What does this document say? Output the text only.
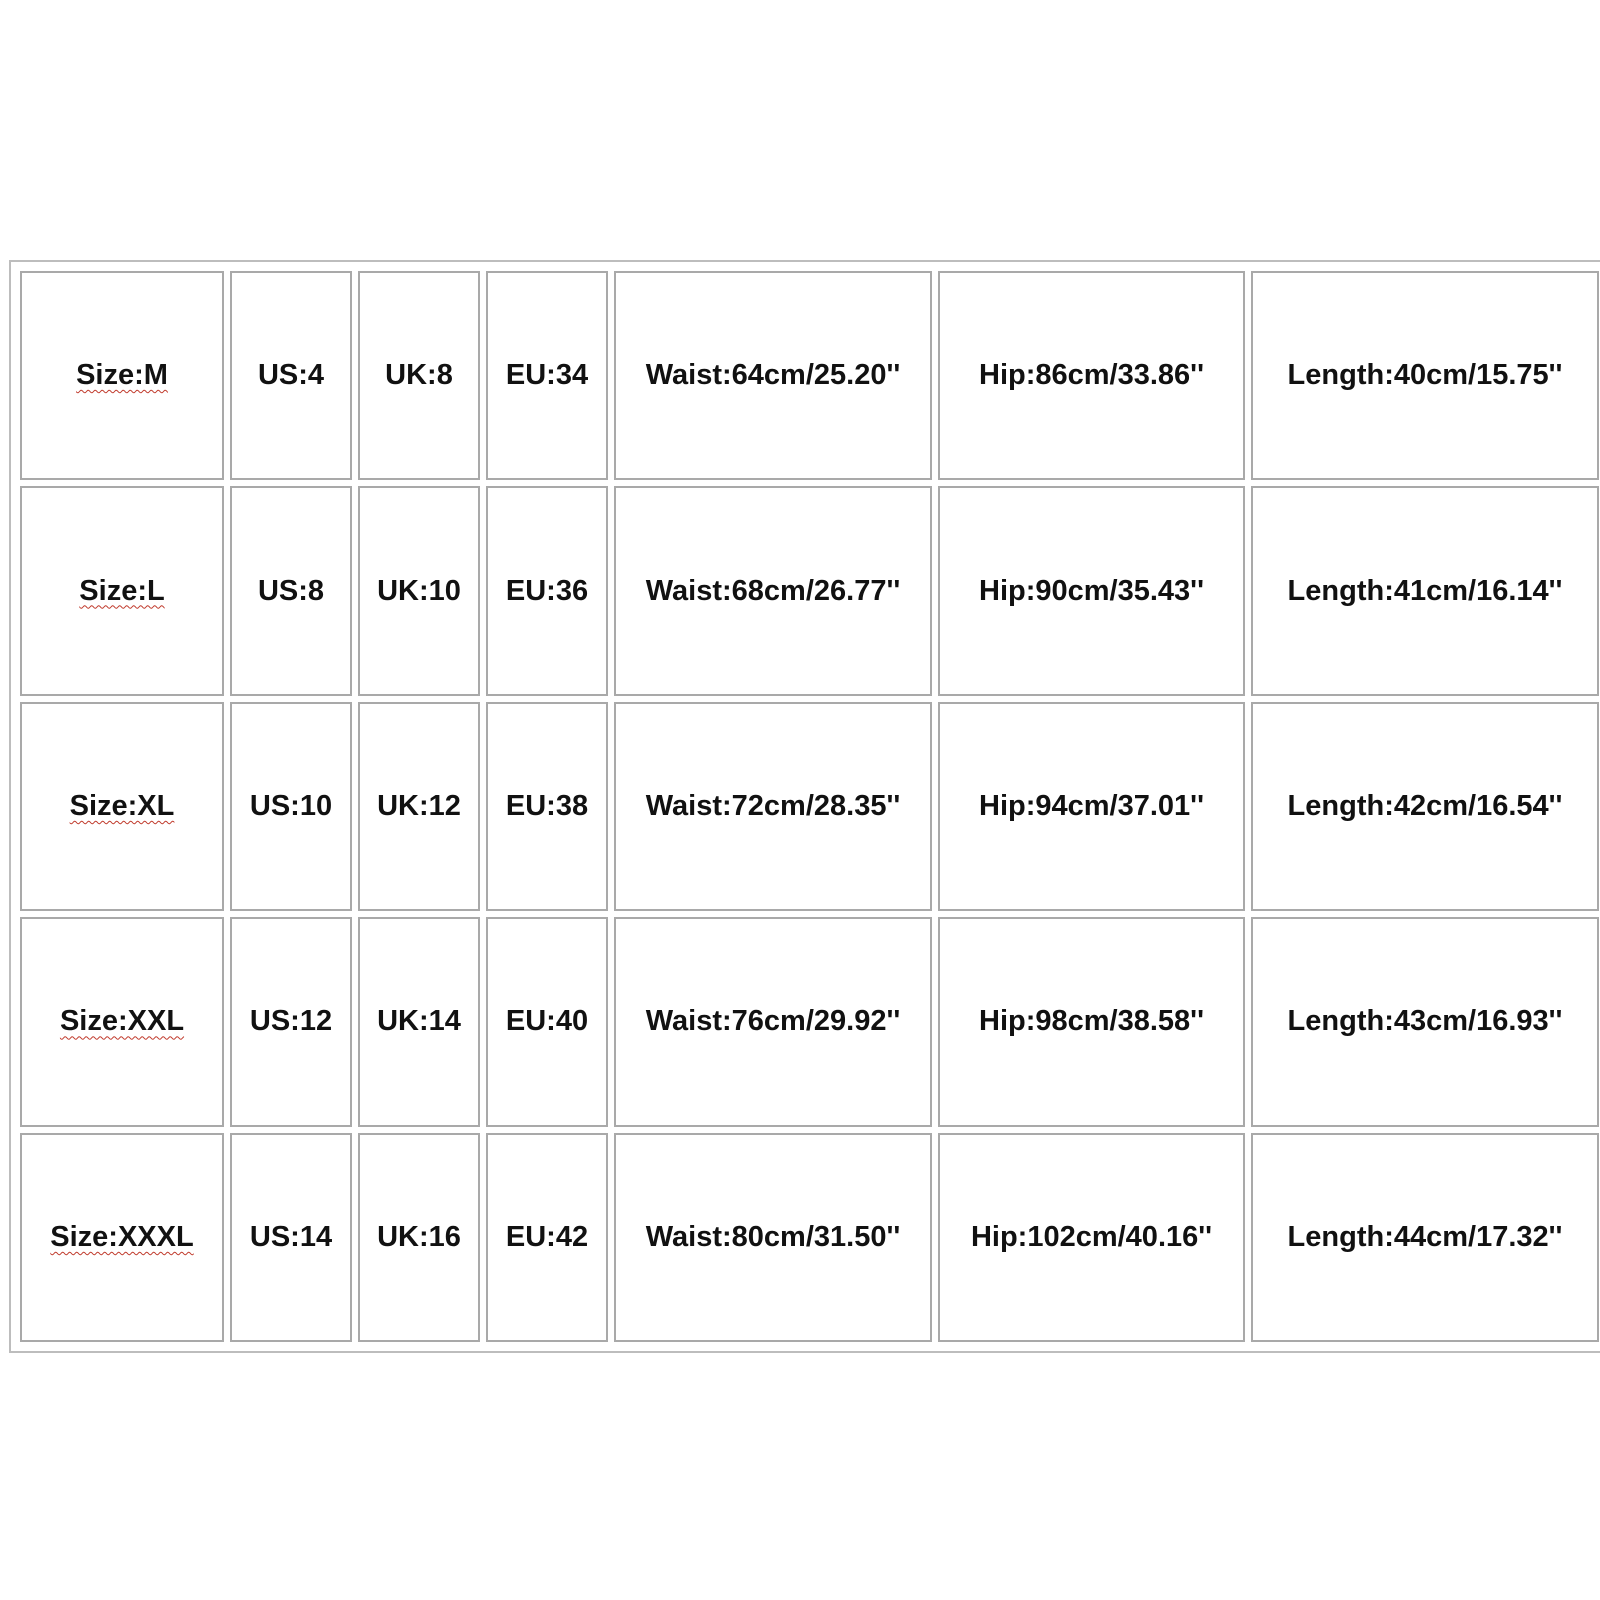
Size:M	US:4	UK:8	EU:34	Waist:64cm/25.20''	Hip:86cm/33.86''	Length:40cm/15.75''
Size:L	US:8	UK:10	EU:36	Waist:68cm/26.77''	Hip:90cm/35.43''	Length:41cm/16.14''
Size:XL	US:10	UK:12	EU:38	Waist:72cm/28.35''	Hip:94cm/37.01''	Length:42cm/16.54''
Size:XXL	US:12	UK:14	EU:40	Waist:76cm/29.92''	Hip:98cm/38.58''	Length:43cm/16.93''
Size:XXXL	US:14	UK:16	EU:42	Waist:80cm/31.50''	Hip:102cm/40.16''	Length:44cm/17.32''
